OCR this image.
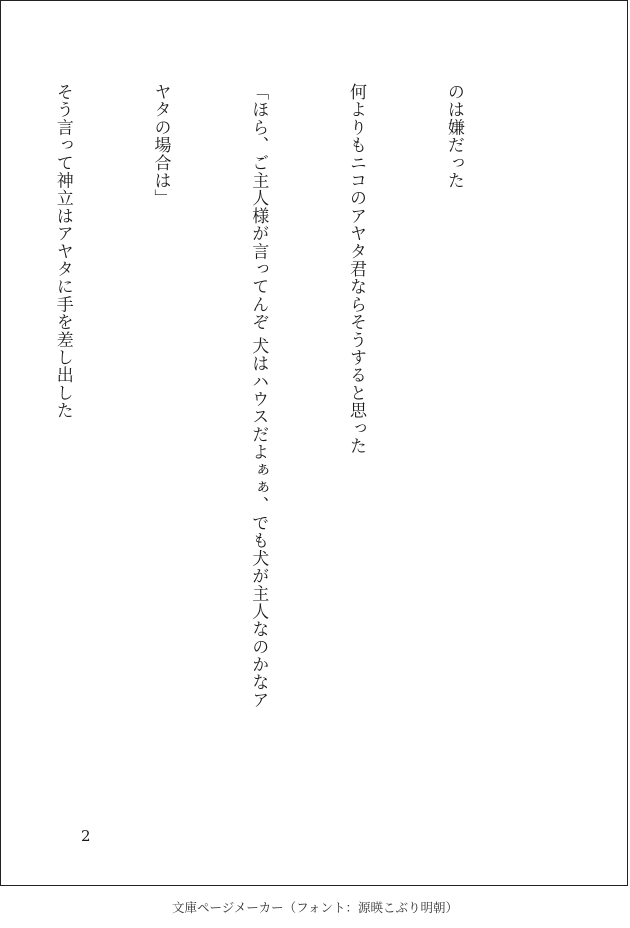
のは嫌だった

何よりもニコのアヤタ君ならそうすると思った

「ほら、ご主人様が言ってんぞ 犬はハウスだよぁぁ、でも犬が主人なのかなア

ヤタの場合は」

そう言って神立はアヤタに手を差し出した

2
文庫ページメーカー（フォント：源暎こぶり明朝）
